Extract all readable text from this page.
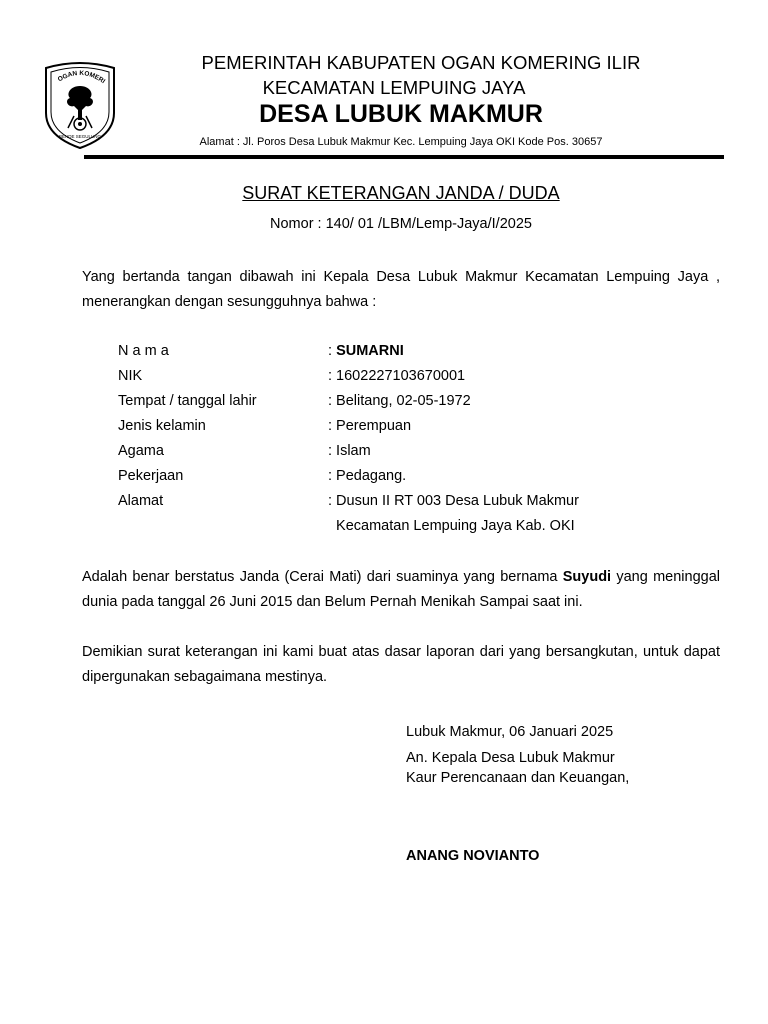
OGAN KOMERI
BENDE SEGULUNG
PEMERINTAH KABUPATEN OGAN KOMERING ILIR
KECAMATAN LEMPUING JAYA
DESA LUBUK MAKMUR
Alamat : Jl. Poros Desa Lubuk Makmur Kec. Lempuing Jaya OKI Kode Pos. 30657
SURAT KETERANGAN JANDA / DUDA
Nomor : 140/ 01 /LBM/Lemp-Jaya/I/2025
Yang bertanda tangan dibawah ini Kepala Desa Lubuk Makmur Kecamatan Lempuing Jaya , menerangkan dengan sesungguhnya bahwa :
N a m a	: SUMARNI
NIK	: 1602227103670001
Tempat / tanggal lahir	: Belitang, 02-05-1972
Jenis kelamin	: Perempuan
Agama	: Islam
Pekerjaan	: Pedagang.
Alamat	: Dusun II RT 003 Desa Lubuk Makmur
Kecamatan Lempuing Jaya Kab. OKI
Adalah benar berstatus Janda (Cerai Mati) dari suaminya yang bernama Suyudi yang meninggal dunia pada tanggal 26 Juni 2015 dan Belum Pernah Menikah Sampai saat ini.
Demikian surat keterangan ini kami buat atas dasar laporan dari yang bersangkutan, untuk dapat dipergunakan sebagaimana mestinya.
Lubuk Makmur, 06 Januari 2025
An. Kepala Desa Lubuk Makmur
Kaur Perencanaan dan Keuangan,
ANANG NOVIANTO
